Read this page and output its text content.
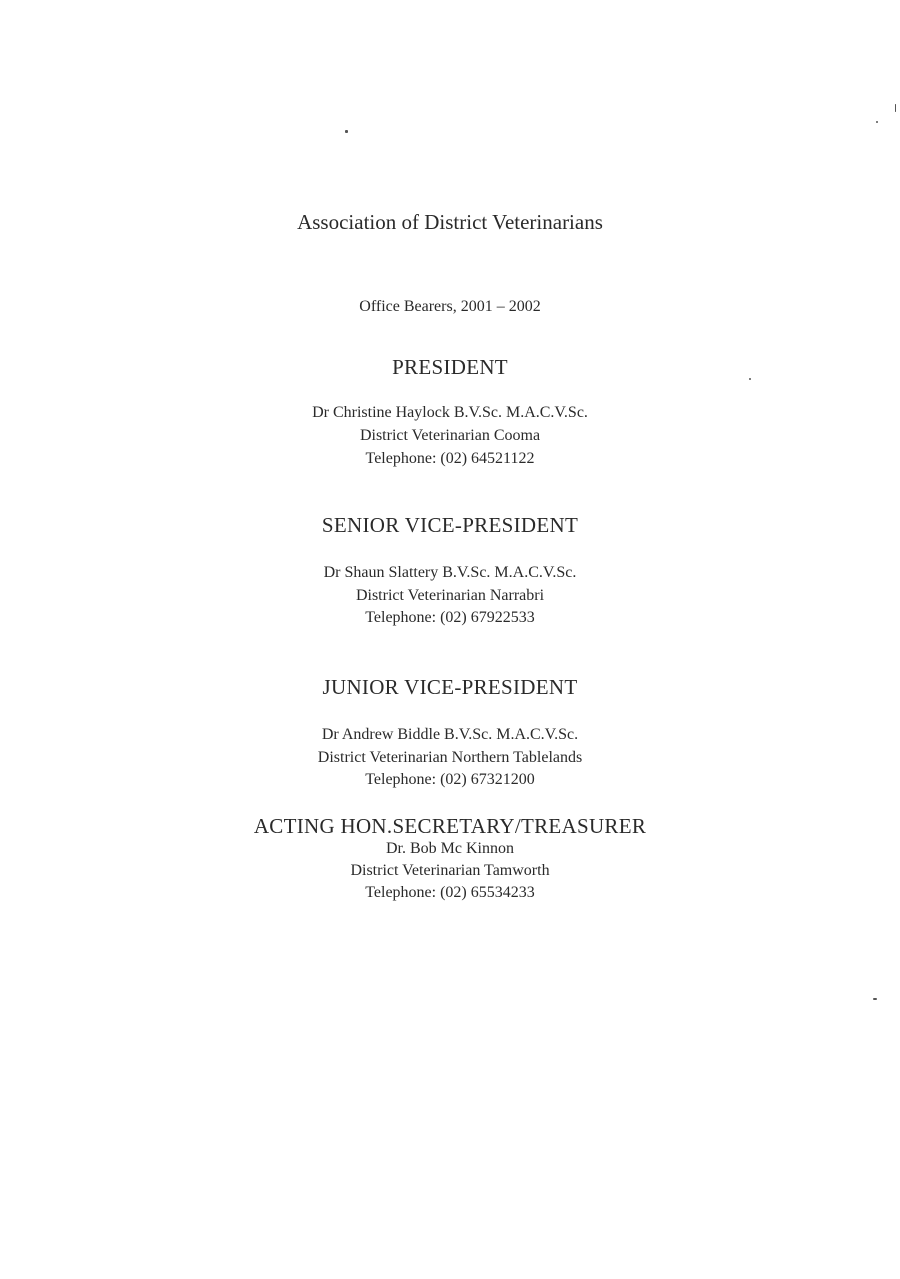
Association of District Veterinarians
Office Bearers, 2001 – 2002
PRESIDENT
Dr Christine Haylock B.V.Sc. M.A.C.V.Sc.
District Veterinarian Cooma
Telephone: (02) 64521122
SENIOR VICE-PRESIDENT
Dr Shaun Slattery B.V.Sc. M.A.C.V.Sc.
District Veterinarian Narrabri
Telephone: (02) 67922533
JUNIOR VICE-PRESIDENT
Dr Andrew Biddle B.V.Sc. M.A.C.V.Sc.
District Veterinarian Northern Tablelands
Telephone: (02) 67321200
ACTING HON.SECRETARY/TREASURER
Dr. Bob Mc Kinnon
District Veterinarian Tamworth
Telephone: (02) 65534233
